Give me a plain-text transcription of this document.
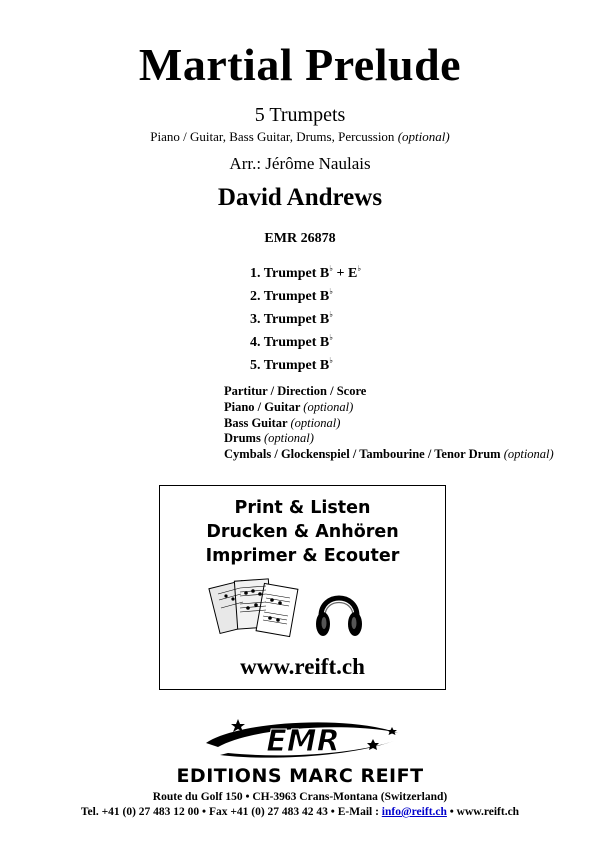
Martial Prelude
5 Trumpets
Piano / Guitar, Bass Guitar, Drums, Percussion (optional)
Arr.: Jérôme Naulais
David Andrews
EMR 26878
1. Trumpet B♭ + E♭
2. Trumpet B♭
3. Trumpet B♭
4. Trumpet B♭
5. Trumpet B♭
Partitur / Direction / Score
Piano / Guitar (optional)
Bass Guitar (optional)
Drums (optional)
Cymbals / Glockenspiel / Tambourine / Tenor Drum (optional)
Print & Listen
Drucken & Anhören
Imprimer & Ecouter
www.reift.ch
EMR
EDITIONS MARC REIFT
Route du Golf 150 • CH-3963 Crans-Montana (Switzerland)
Tel. +41 (0) 27 483 12 00 • Fax +41 (0) 27 483 42 43 • E-Mail : info@reift.ch • www.reift.ch
